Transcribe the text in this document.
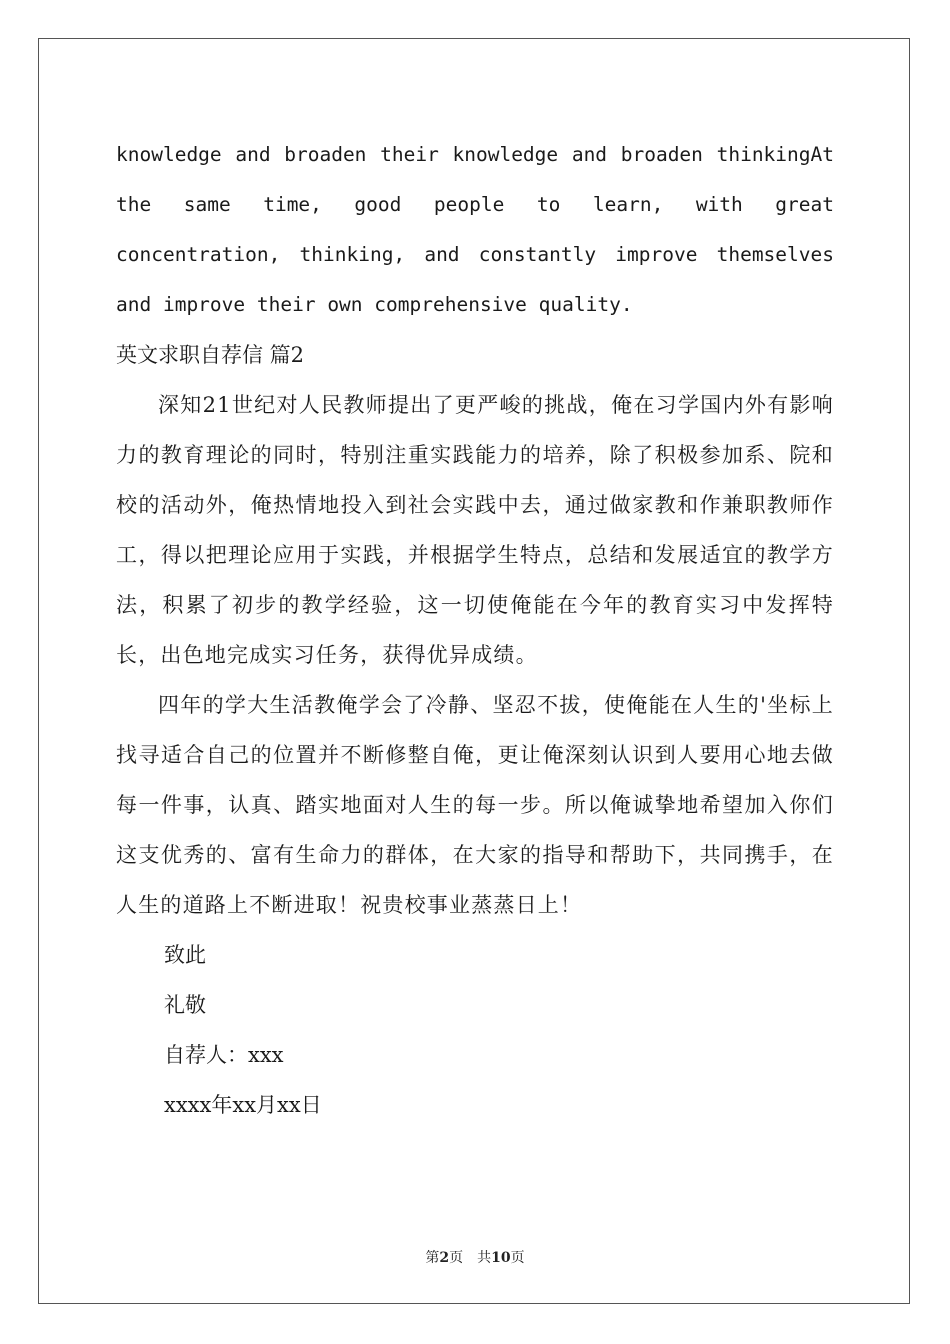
knowledge and broaden their knowledge and broaden thinkingAt the same time, good people to learn, with great concentration, thinking, and constantly improve themselves and improve their own comprehensive quality.

英文求职自荐信 篇2

深知21世纪对人民教师提出了更严峻的挑战，俺在习学国内外有影响力的教育理论的同时，特别注重实践能力的培养，除了积极参加系、院和校的活动外，俺热情地投入到社会实践中去，通过做家教和作兼职教师作工，得以把理论应用于实践，并根据学生特点，总结和发展适宜的教学方法，积累了初步的教学经验，这一切使俺能在今年的教育实习中发挥特长，出色地完成实习任务，获得优异成绩。

四年的学大生活教俺学会了冷静、坚忍不拔，使俺能在人生的'坐标上找寻适合自己的位置并不断修整自俺，更让俺深刻认识到人要用心地去做每一件事，认真、踏实地面对人生的每一步。所以俺诚挚地希望加入你们这支优秀的、富有生命力的群体，在大家的指导和帮助下，共同携手，在人生的道路上不断进取！祝贵校事业蒸蒸日上！

致此

礼敬

自荐人：xxx

xxxx年xx月xx日

第2页　共10页
